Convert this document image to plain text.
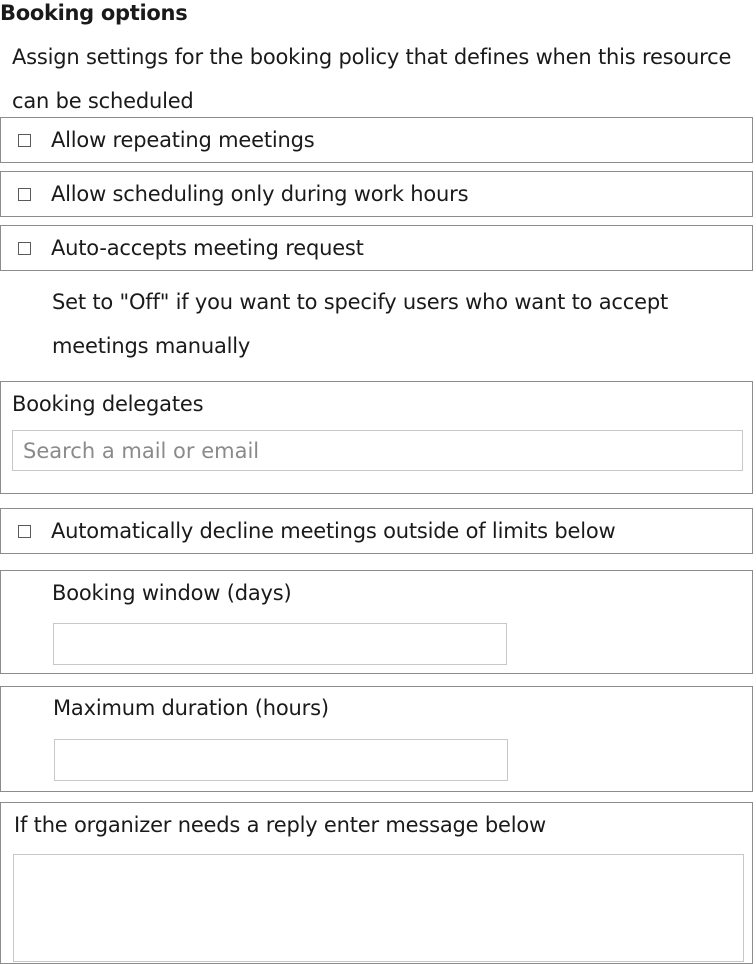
Booking options
Assign settings for the booking policy that defines when this resource can be scheduled
Allow repeating meetings
Allow scheduling only during work hours
Auto-accepts meeting request
Set to "Off" if you want to specify users who want to accept meetings manually
Booking delegates
Search a mail or email
Automatically decline meetings outside of limits below
Booking window (days)
Maximum duration (hours)
If the organizer needs a reply enter message below
